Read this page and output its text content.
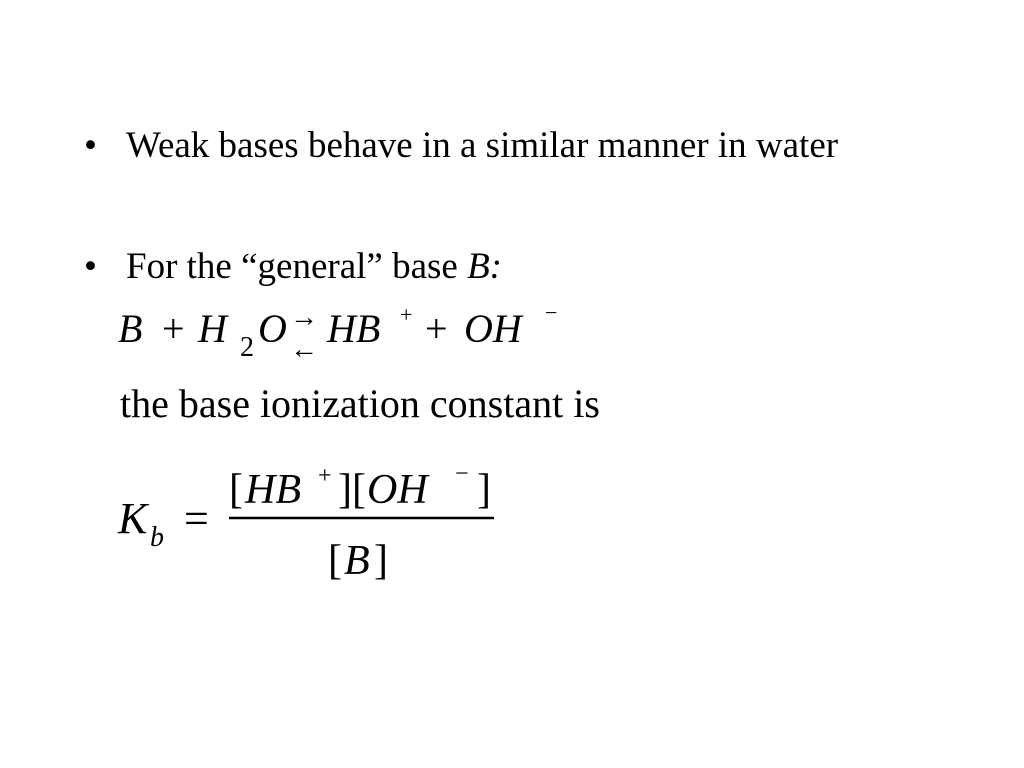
• Weak bases behave in a similar manner in water
• For the “general” base B:
B + H 2 O →
← HB + + OH −
the base ionization constant is
K b =
[ HB + ] [ OH − ]
[ B ]
